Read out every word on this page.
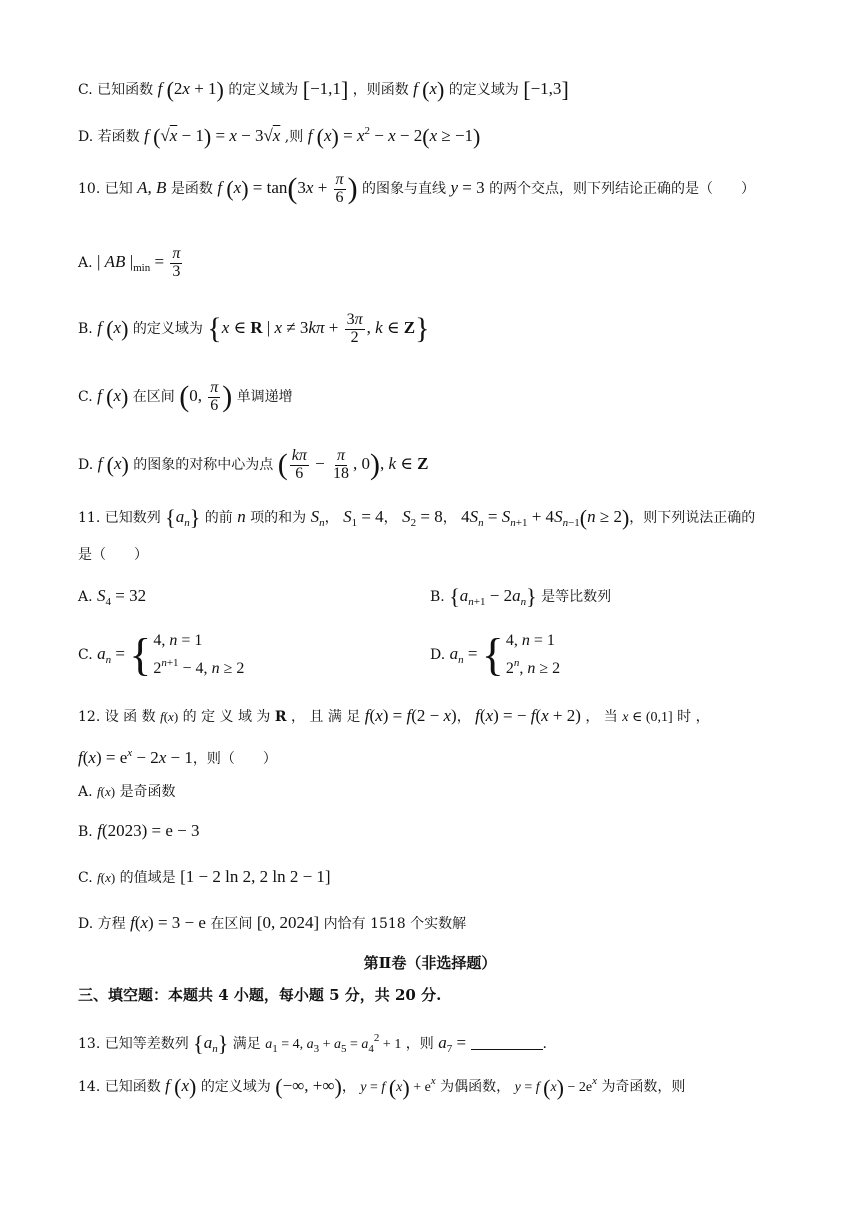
C. 已知函数 f (2x + 1) 的定义域为 [−1,1] ，则函数 f (x) 的定义域为 [−1,3]
D. 若函数 f (√x − 1) = x − 3√x ,则 f $(x) = x^2 - x - 2(x \ge -1)$
10. 已知 A, B 是函数 f $(x) = \tan(3x + \frac{\pi}{6}$ ) 的图象与直线 y = 3 的两个交点，则下列结论正确的是（　　）
A. | AB $|_{min} = \frac{\pi}{3}$
B. f (x) 的定义域为 {x ∈ R | $x \ne 3k\pi + \frac{3\pi}{2}$ , k ∈ Z}
C. f (x) 在区间 (0, $\frac{\pi}{6}$ ) 单调递增
D. f (x) 的图象的对称中心为点 ( $\frac{k\pi}{6} - \frac{\pi}{18}$ , 0), k ∈ Z
11. 已知数列 $\{a_n\}$ 的前 n 项的和为 $S_n$， $S_1 = 4$， $S_2 = 8$， $4S_n = S_{n+1} + 4S_{n-1}(n \ge 2)$，则下列说法正确的
是（　　）
A. $S_4 = 32$	B. $\{a_{n+1} - 2a_n\}$ 是等比数列
C. $a_n$ = { 4, n = 1
$2^{n+1} - 4$, n ≥ 2
D. $a_n$ = { 4, n = 1
2$^n$, n ≥ 2
12. 设 函 数 f(x) 的 定 义 域 为 R ， 且 满 足 f(x) = f(2 − x)， f(x) = − f(x + 2) ， 当 x ∈ (0,1] 时 ，
$f(x) = e^x - 2x - 1$，则（　　）
A. f(x) 是奇函数
B. f(2023) = e − 3
C. f(x) 的值域是 [1 − 2 ln 2, 2 ln 2 − 1]
D. 方程 f(x) = 3 − e 在区间 [0, 2024] 内恰有 1518 个实数解
第Ⅱ卷（非选择题）
三、填空题：本题共 4 小题，每小题 5 分，共 20 分.
13. 已知等差数列 $\{a_n\}$ 满足 $a_1 = 4$, $a_3 + a_5 = a_4^2 + 1$ ，则 $a_7$ =	.
14. 已知函数 f (x) 的定义域为 (−∞, +∞)， y = f $(x) + e^x$ 为偶函数， y = f $(x) - 2e^x$ 为奇函数，则
